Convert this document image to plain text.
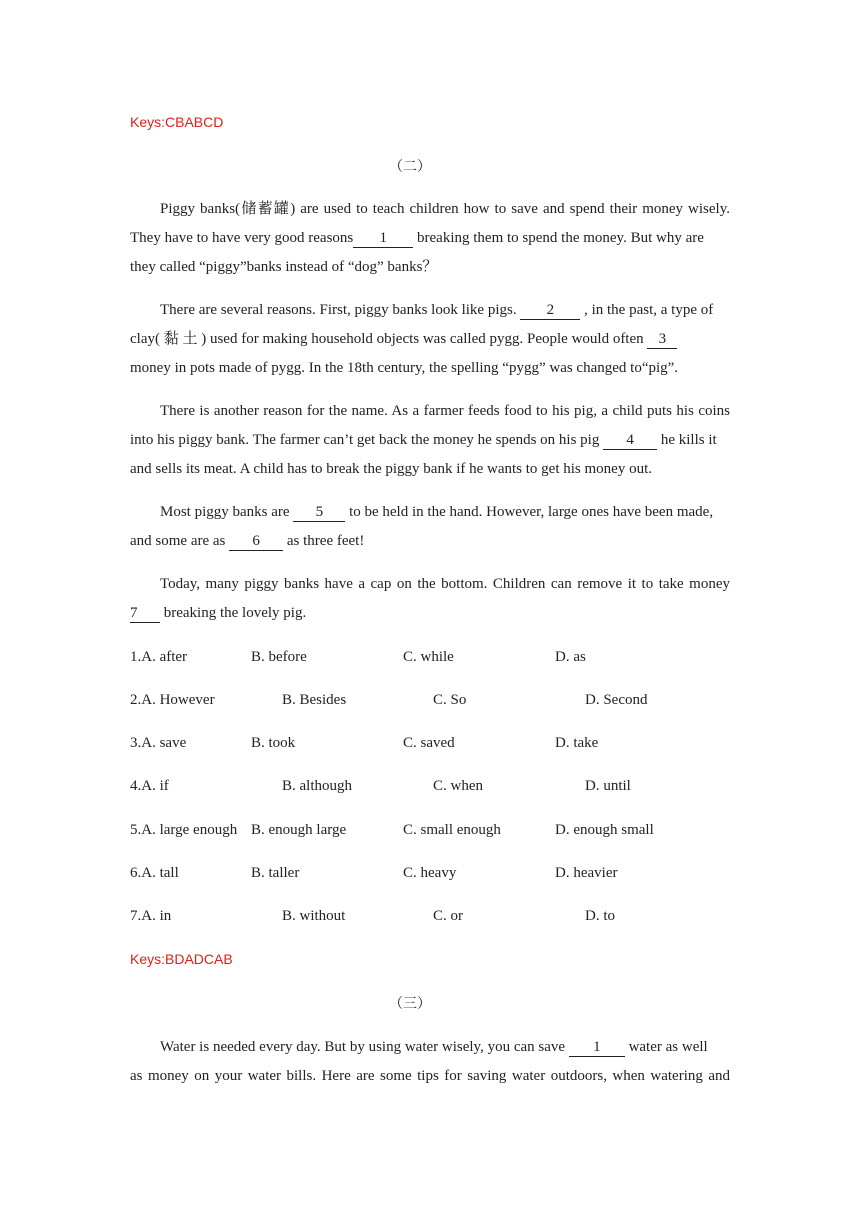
Keys:CBABCD
（二）
Piggy banks(储蓄罐) are used to teach children how to save and spend their money wisely.
They have to have very good reasons 1 breaking them to spend the money. But why are
they called “piggy”banks instead of “dog” banks？
There are several reasons. First, piggy banks look like pigs. 2 , in the past, a type of
clay( 黏 土 ) used for making household objects was called pygg. People would often 3
money in pots made of pygg. In the 18th century, the spelling “pygg” was changed to“pig”.
There is another reason for the name. As a farmer feeds food to his pig, a child puts his coins
into his piggy bank. The farmer can’t get back the money he spends on his pig 4 he kills it
and sells its meat. A child has to break the piggy bank if he wants to get his money out.
Most piggy banks are 5 to be held in the hand. However, large ones have been made,
and some are as 6 as three feet!
Today, many piggy banks have a cap on the bottom. Children can remove it to take money
7 breaking the lovely pig.
1.A. after	B. before	C. while	D. as
2.A. However	B. Besides	C. So	D. Second
3.A. save	B. took	C. saved	D. take
4.A. if	B. although	C. when	D. until
5.A. large enough B. enough large	C. small enough	D. enough small
6.A. tall	B. taller	C. heavy	D. heavier
7.A. in	B. without	C. or	D. to
Keys:BDADCAB
（三）
Water is needed every day. But by using water wisely, you can save 1 water as well
as money on your water bills. Here are some tips for saving water outdoors, when watering and
